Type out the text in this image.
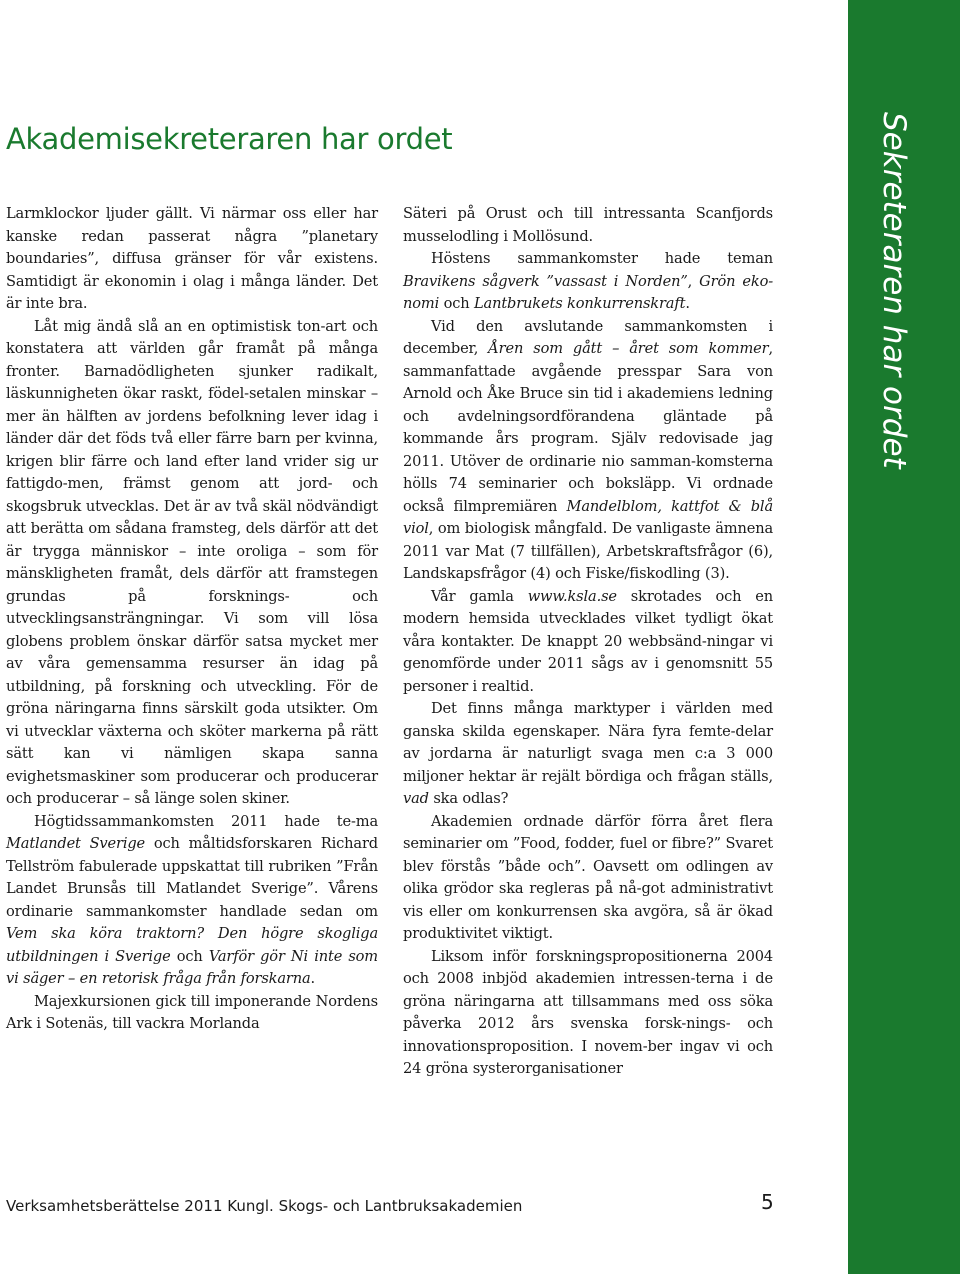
Akademisekreteraren har ordet

Larmklockor ljuder gällt. Vi närmar oss eller har kanske redan passerat några ”planetary boundaries”, diffusa gränser för vår existens. Samtidigt är ekonomin i olag i många länder. Det är inte bra.

Låt mig ändå slå an en optimistisk ton-art och konstatera att världen går framåt på många fronter. Barnadödligheten sjunker radikalt, läskunnigheten ökar raskt, födel-setalen minskar – mer än hälften av jordens befolkning lever idag i länder där det föds två eller färre barn per kvinna, krigen blir färre och land efter land vrider sig ur fattigdo-men, främst genom att jord- och skogsbruk utvecklas. Det är av två skäl nödvändigt att berätta om sådana framsteg, dels därför att det är trygga människor – inte oroliga – som för mänskligheten framåt, dels därför att framstegen grundas på forsknings- och utvecklingsansträngningar. Vi som vill lösa globens problem önskar därför satsa mycket mer av våra gemensamma resurser än idag på utbildning, på forskning och utveckling. För de gröna näringarna finns särskilt goda utsikter. Om vi utvecklar växterna och sköter markerna på rätt sätt kan vi nämligen skapa sanna evighetsmaskiner som producerar och producerar och producerar – så länge solen skiner.

Högtidssammankomsten 2011 hade te-ma Matlandet Sverige och måltidsforskaren Richard Tellström fabulerade uppskattat till rubriken ”Från Landet Brunsås till Matlandet Sverige”. Vårens ordinarie sammankomster handlade sedan om Vem ska köra traktorn? Den högre skogliga utbildningen i Sverige och Varför gör Ni inte som vi säger – en retorisk fråga från forskarna.

Majexkursionen gick till imponerande Nordens Ark i Sotenäs, till vackra Morlanda

Säteri på Orust och till intressanta Scanfjords musselodling i Mollösund.

Höstens sammankomster hade teman Bravikens sågverk ”vassast i Norden”, Grön eko-nomi och Lantbrukets konkurrenskraft.

Vid den avslutande sammankomsten i december, Åren som gått – året som kommer, sammanfattade avgående presspar Sara von Arnold och Åke Bruce sin tid i akademiens ledning och avdelningsordförandena gläntade på kommande års program. Själv redovisade jag 2011. Utöver de ordinarie nio samman-komsterna hölls 74 seminarier och boksläpp. Vi ordnade också filmpremiären Mandelblom, kattfot & blå viol, om biologisk mångfald. De vanligaste ämnena 2011 var Mat (7 tillfällen), Arbetskraftsfrågor (6), Landskapsfrågor (4) och Fiske/fiskodling (3).

Vår gamla www.ksla.se skrotades och en modern hemsida utvecklades vilket tydligt ökat våra kontakter. De knappt 20 webbsänd-ningar vi genomförde under 2011 sågs av i genomsnitt 55 personer i realtid.

Det finns många marktyper i världen med ganska skilda egenskaper. Nära fyra femte-delar av jordarna är naturligt svaga men c:a 3 000 miljoner hektar är rejält bördiga och frågan ställs, vad ska odlas?

Akademien ordnade därför förra året flera seminarier om ”Food, fodder, fuel or fibre?” Svaret blev förstås ”både och”. Oavsett om odlingen av olika grödor ska regleras på nå-got administrativt vis eller om konkurrensen ska avgöra, så är ökad produktivitet viktigt.

Liksom inför forskningspropositionerna 2004 och 2008 inbjöd akademien intressen-terna i de gröna näringarna att tillsammans med oss söka påverka 2012 års svenska forsk-nings- och innovationsproposition. I novem-ber ingav vi och 24 gröna systerorganisationer

Sekreteraren har ordet
Verksamhetsberättelse 2011 Kungl. Skogs- och Lantbruksakademien	5
